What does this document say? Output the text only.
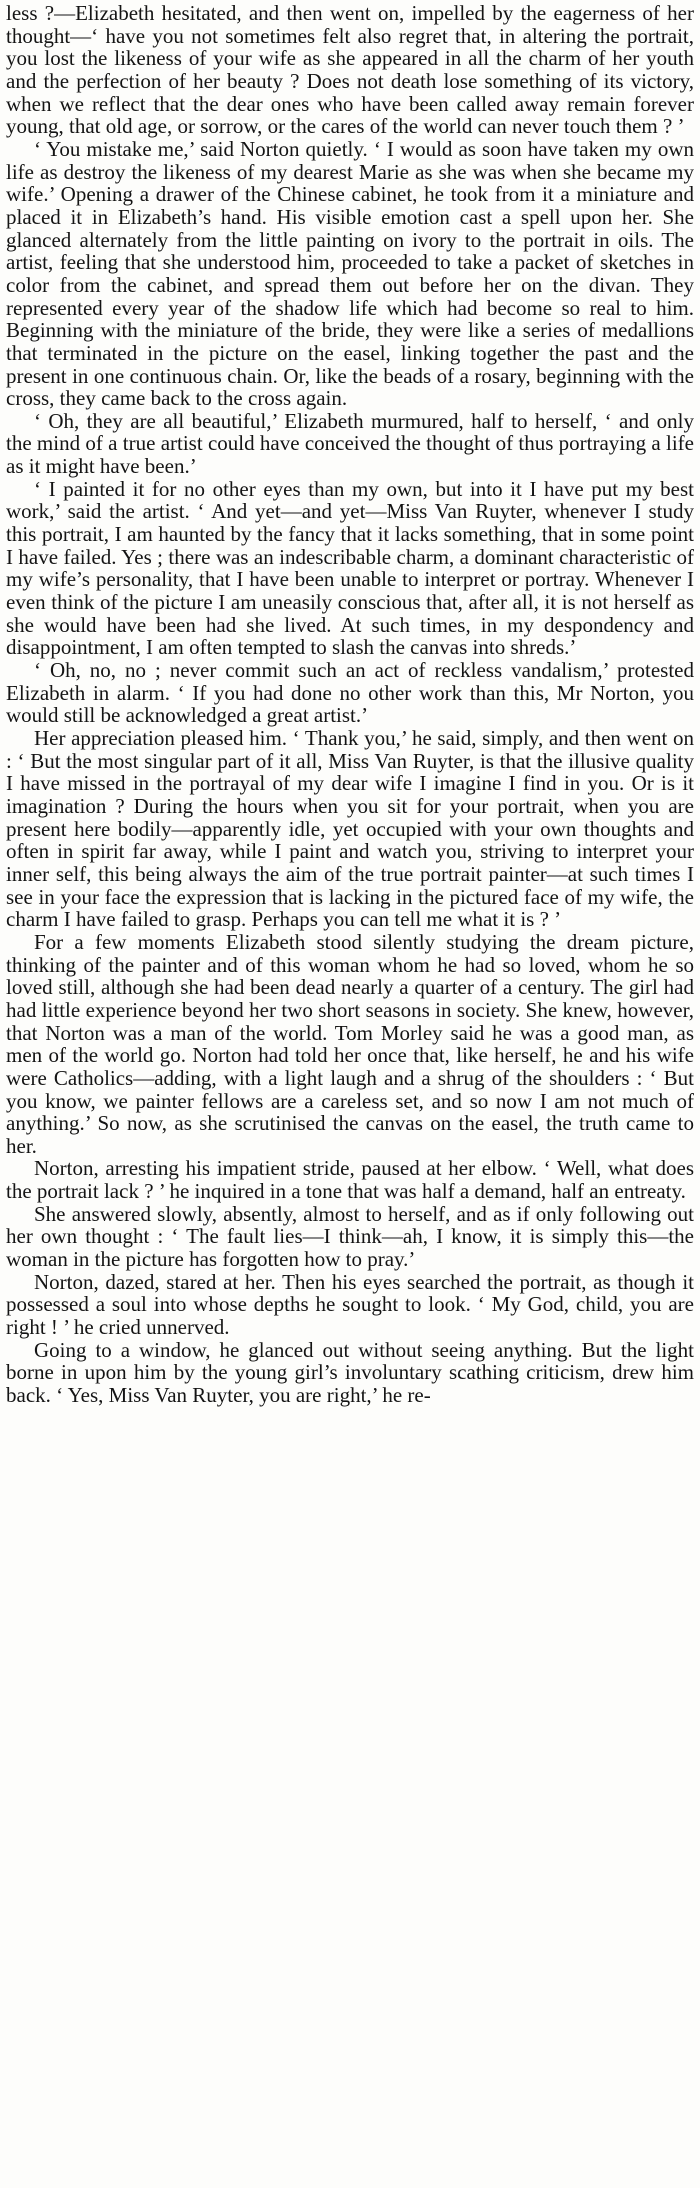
less ?—Elizabeth hesitated, and then went on, impelled by the eagerness of her thought—‘ have you not sometimes felt also regret that, in altering the portrait, you lost the likeness of your wife as she appeared in all the charm of her youth and the perfection of her beauty ? Does not death lose something of its victory, when we reflect that the dear ones who have been called away remain forever young, that old age, or sorrow, or the cares of the world can never touch them ? ’

‘ You mistake me,’ said Norton quietly. ‘ I would as soon have taken my own life as destroy the likeness of my dearest Marie as she was when she became my wife.’ Opening a drawer of the Chinese cabinet, he took from it a miniature and placed it in Elizabeth’s hand. His visible emotion cast a spell upon her. She glanced alternately from the little painting on ivory to the portrait in oils. The artist, feeling that she understood him, proceeded to take a packet of sketches in color from the cabinet, and spread them out before her on the divan. They represented every year of the shadow life which had become so real to him. Beginning with the miniature of the bride, they were like a series of medallions that terminated in the picture on the easel, linking together the past and the present in one continuous chain. Or, like the beads of a rosary, beginning with the cross, they came back to the cross again.

‘ Oh, they are all beautiful,’ Elizabeth murmured, half to herself, ‘ and only the mind of a true artist could have conceived the thought of thus portraying a life as it might have been.’

‘ I painted it for no other eyes than my own, but into it I have put my best work,’ said the artist. ‘ And yet—and yet—Miss Van Ruyter, whenever I study this portrait, I am haunted by the fancy that it lacks something, that in some point I have failed. Yes ; there was an indescribable charm, a dominant characteristic of my wife’s personality, that I have been unable to interpret or portray. Whenever I even think of the picture I am uneasily conscious that, after all, it is not herself as she would have been had she lived. At such times, in my despondency and disappointment, I am often tempted to slash the canvas into shreds.’

‘ Oh, no, no ; never commit such an act of reckless vandalism,’ protested Elizabeth in alarm. ‘ If you had done no other work than this, Mr Norton, you would still be acknowledged a great artist.’

Her appreciation pleased him. ‘ Thank you,’ he said, simply, and then went on : ‘ But the most singular part of it all, Miss Van Ruyter, is that the illusive quality I have missed in the portrayal of my dear wife I imagine I find in you. Or is it imagination ? During the hours when you sit for your portrait, when you are present here bodily—apparently idle, yet occupied with your own thoughts and often in spirit far away, while I paint and watch you, striving to interpret your inner self, this being always the aim of the true portrait painter—at such times I see in your face the expression that is lacking in the pictured face of my wife, the charm I have failed to grasp. Perhaps you can tell me what it is ? ’

For a few moments Elizabeth stood silently studying the dream picture, thinking of the painter and of this woman whom he had so loved, whom he so loved still, although she had been dead nearly a quarter of a century. The girl had had little experience beyond her two short seasons in society. She knew, however, that Norton was a man of the world. Tom Morley said he was a good man, as men of the world go. Norton had told her once that, like herself, he and his wife were Catholics—adding, with a light laugh and a shrug of the shoulders : ‘ But you know, we painter fellows are a careless set, and so now I am not much of anything.’ So now, as she scrutinised the canvas on the easel, the truth came to her.

Norton, arresting his impatient stride, paused at her elbow. ‘ Well, what does the portrait lack ? ’ he inquired in a tone that was half a demand, half an entreaty.

She answered slowly, absently, almost to herself, and as if only following out her own thought : ‘ The fault lies—I think—ah, I know, it is simply this—the woman in the picture has forgotten how to pray.’

Norton, dazed, stared at her. Then his eyes searched the portrait, as though it possessed a soul into whose depths he sought to look. ‘ My God, child, you are right ! ’ he cried unnerved.

Going to a window, he glanced out without seeing anything. But the light borne in upon him by the young girl’s involuntary scathing criticism, drew him back. ‘ Yes, Miss Van Ruyter, you are right,’ he re-
